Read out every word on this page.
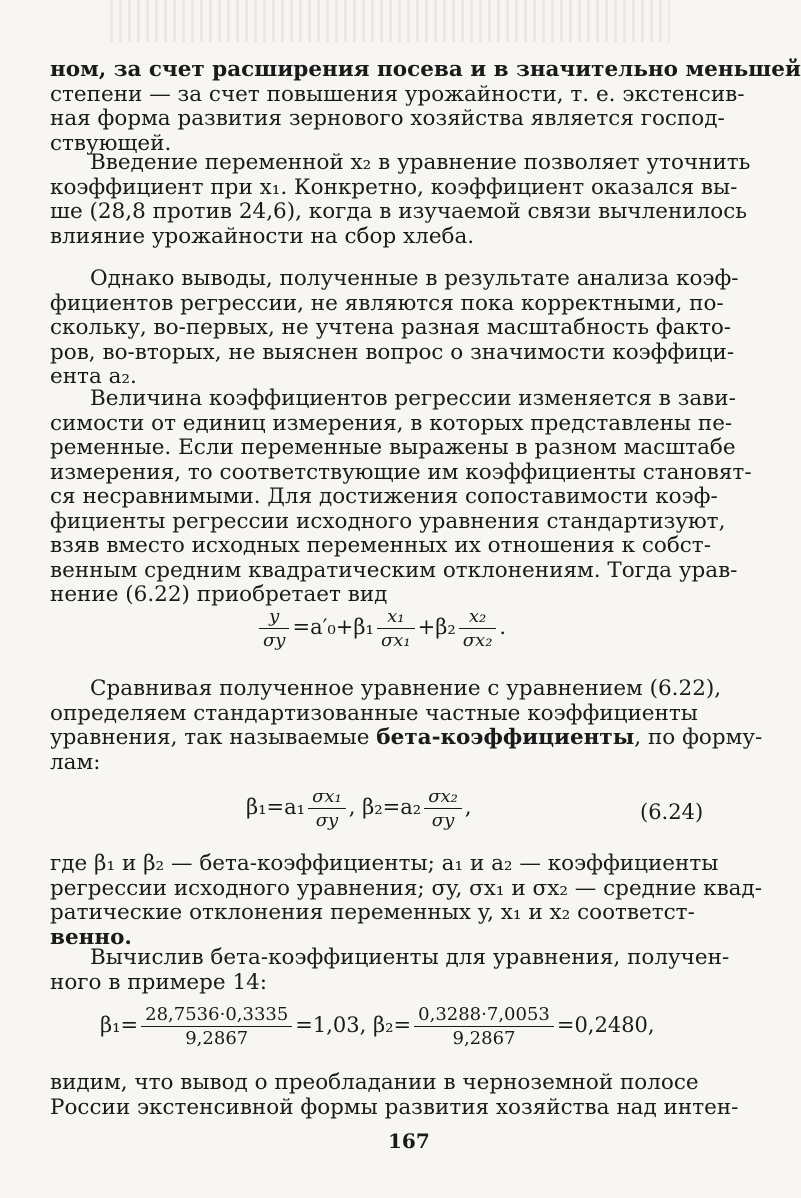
ном, за счет расширения посева и в значительно меньшей
степени — за счет повышения урожайности, т. е. экстенсив-
ная форма развития зернового хозяйства является господ-
ствующей.
Введение переменной x₂ в уравнение позволяет уточнить
коэффициент при x₁. Конкретно, коэффициент оказался вы-
ше (28,8 против 24,6), когда в изучаемой связи вычленилось
влияние урожайности на сбор хлеба.
Однако выводы, полученные в результате анализа коэф-
фициентов регрессии, не являются пока корректными, по-
скольку, во-первых, не учтена разная масштабность факто-
ров, во-вторых, не выяснен вопрос о значимости коэффици-
ента a₂.
Величина коэффициентов регрессии изменяется в зави-
симости от единиц измерения, в которых представлены пе-
ременные. Если переменные выражены в разном масштабе
измерения, то соответствующие им коэффициенты становят-
ся несравнимыми. Для достижения сопоставимости коэф-
фициенты регрессии исходного уравнения стандартизуют,
взяв вместо исходных переменных их отношения к собст-
венным средним квадратическим отклонениям. Тогда урав-
нение (6.22) приобретает вид
$\frac{y}{\sigma y} =a'_0+\beta_1 \frac{\text{x₁}}{\text{σx₁}} +\beta_2 \frac{\text{x₂}}{\text{σx₂}}$ .
Сравнивая полученное уравнение с уравнением (6.22),
определяем стандартизованные частные коэффициенты
уравнения, так называемые бета-коэффициенты, по форму-
лам:
$\beta_1=a_1 \frac{\text{σx₁}}{\sigma y}$ , $\beta_2=a_2 \frac{\text{σx₂}}{\sigma y}$ ,	(6.24)
где β₁ и β₂ — бета-коэффициенты; a₁ и a₂ — коэффициенты
регрессии исходного уравнения; σy, σx₁ и σx₂ — средние квад-
ратические отклонения переменных y, x₁ и x₂ соответст-
венно.
Вычислив бета-коэффициенты для уравнения, получен-
ного в примере 14:
$\beta_1= \frac{28,7536\cdot 0,3335}{9,2867} =1,03$, $\beta_2= \frac{0,3288\cdot 7,0053}{9,2867} =0,2480$,
видим, что вывод о преобладании в черноземной полосе
России экстенсивной формы развития хозяйства над интен-
167
